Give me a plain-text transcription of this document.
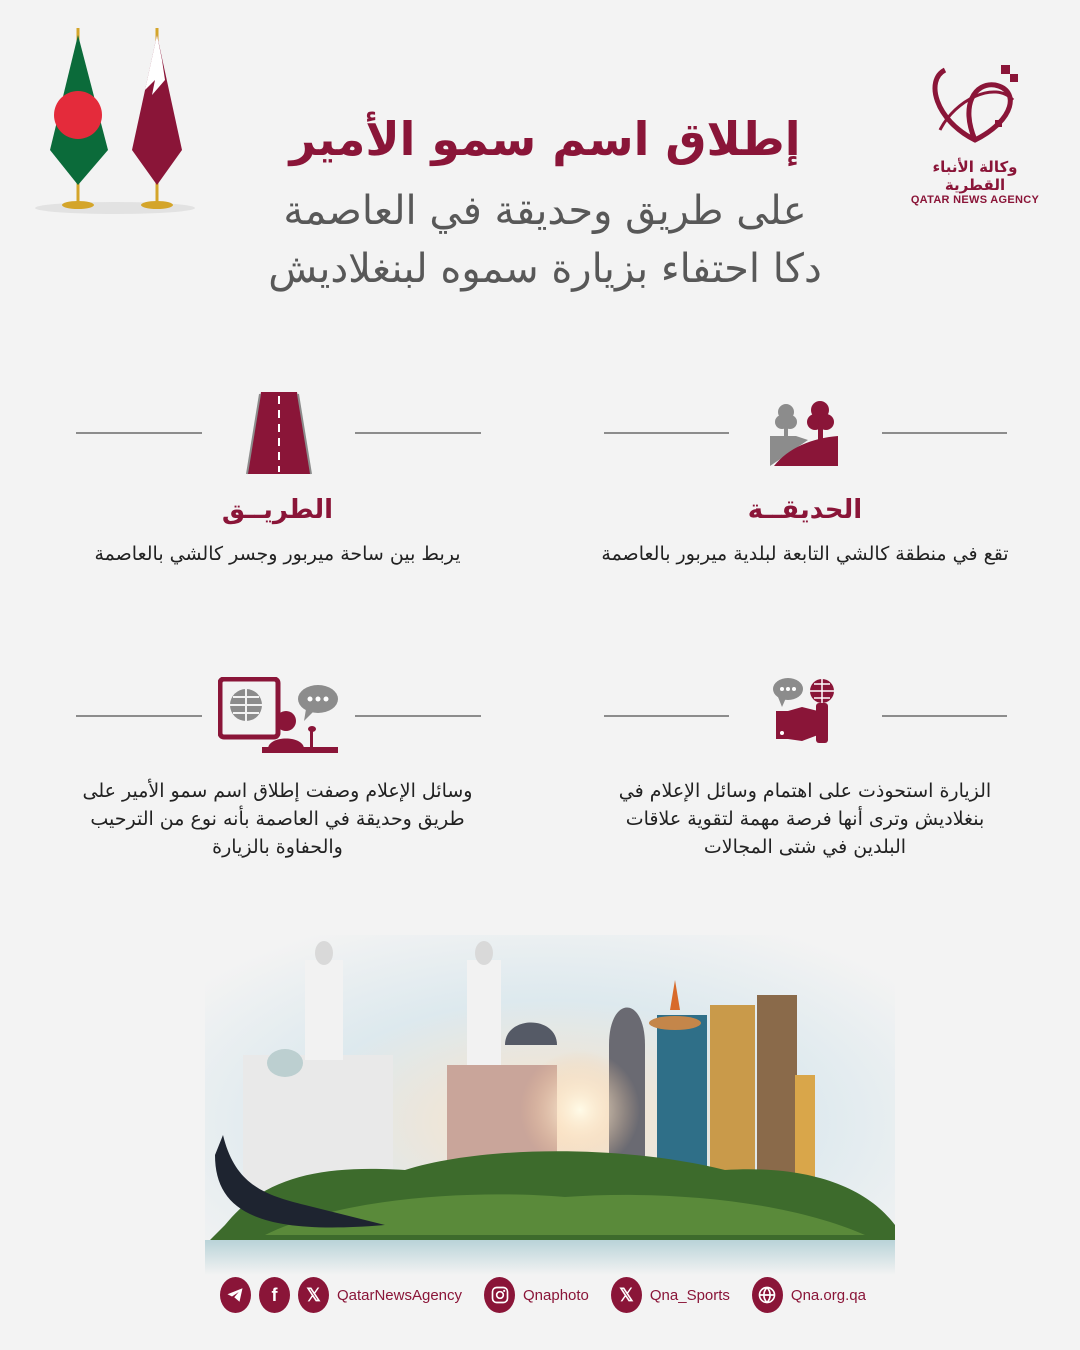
وكالة الأنباء القطرية
QATAR NEWS AGENCY
إطلاق اسم سمو الأمير
على طريق وحديقة في العاصمة
دكا احتفاء بزيارة سموه لبنغلاديش
الحديقــة
تقع في منطقة كالشي التابعة لبلدية ميربور بالعاصمة
الطريــق
يربط بين ساحة ميربور وجسر كالشي بالعاصمة
الزيارة استحوذت على اهتمام وسائل الإعلام في بنغلاديش وترى أنها فرصة مهمة لتقوية علاقات البلدين في شتى المجالات
وسائل الإعلام وصفت إطلاق اسم سمو الأمير على طريق وحديقة في العاصمة بأنه نوع من الترحيب والحفاوة بالزيارة
f	𝕏	QatarNewsAgency	Qnaphoto	𝕏	Qna_Sports	Qna.org.qa
